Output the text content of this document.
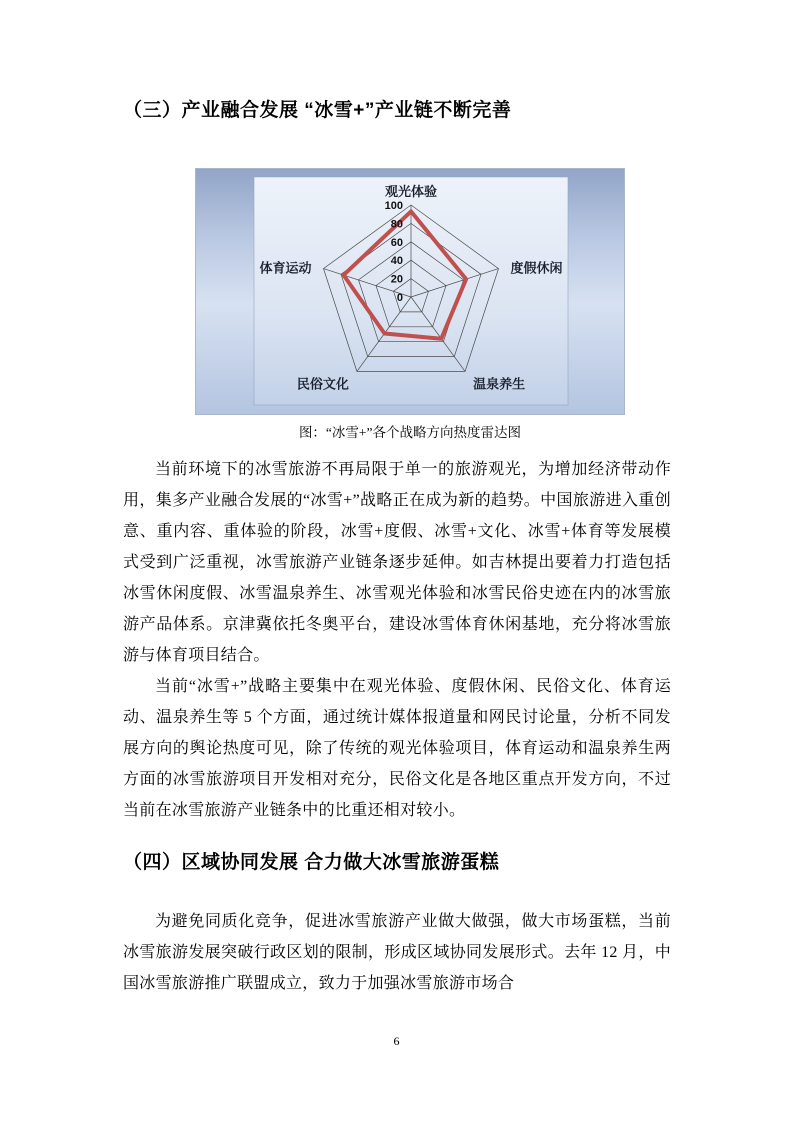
（三）产业融合发展 “冰雪+”产业链不断完善
0
20
40
60
80
100
观光体验
度假休闲
温泉养生
民俗文化
体育运动
图：“冰雪+”各个战略方向热度雷达图

当前环境下的冰雪旅游不再局限于单一的旅游观光，为增加经济带动作用，集多产业融合发展的“冰雪+”战略正在成为新的趋势。中国旅游进入重创意、重内容、重体验的阶段，冰雪+度假、冰雪+文化、冰雪+体育等发展模式受到广泛重视，冰雪旅游产业链条逐步延伸。如吉林提出要着力打造包括冰雪休闲度假、冰雪温泉养生、冰雪观光体验和冰雪民俗史迹在内的冰雪旅游产品体系。京津冀依托冬奥平台，建设冰雪体育休闲基地，充分将冰雪旅游与体育项目结合。

当前“冰雪+”战略主要集中在观光体验、度假休闲、民俗文化、体育运动、温泉养生等 5 个方面，通过统计媒体报道量和网民讨论量，分析不同发展方向的舆论热度可见，除了传统的观光体验项目，体育运动和温泉养生两方面的冰雪旅游项目开发相对充分，民俗文化是各地区重点开发方向，不过当前在冰雪旅游产业链条中的比重还相对较小。

（四）区域协同发展 合力做大冰雪旅游蛋糕

为避免同质化竞争，促进冰雪旅游产业做大做强，做大市场蛋糕，当前冰雪旅游发展突破行政区划的限制，形成区域协同发展形式。去年 12 月，中国冰雪旅游推广联盟成立，致力于加强冰雪旅游市场合

6
